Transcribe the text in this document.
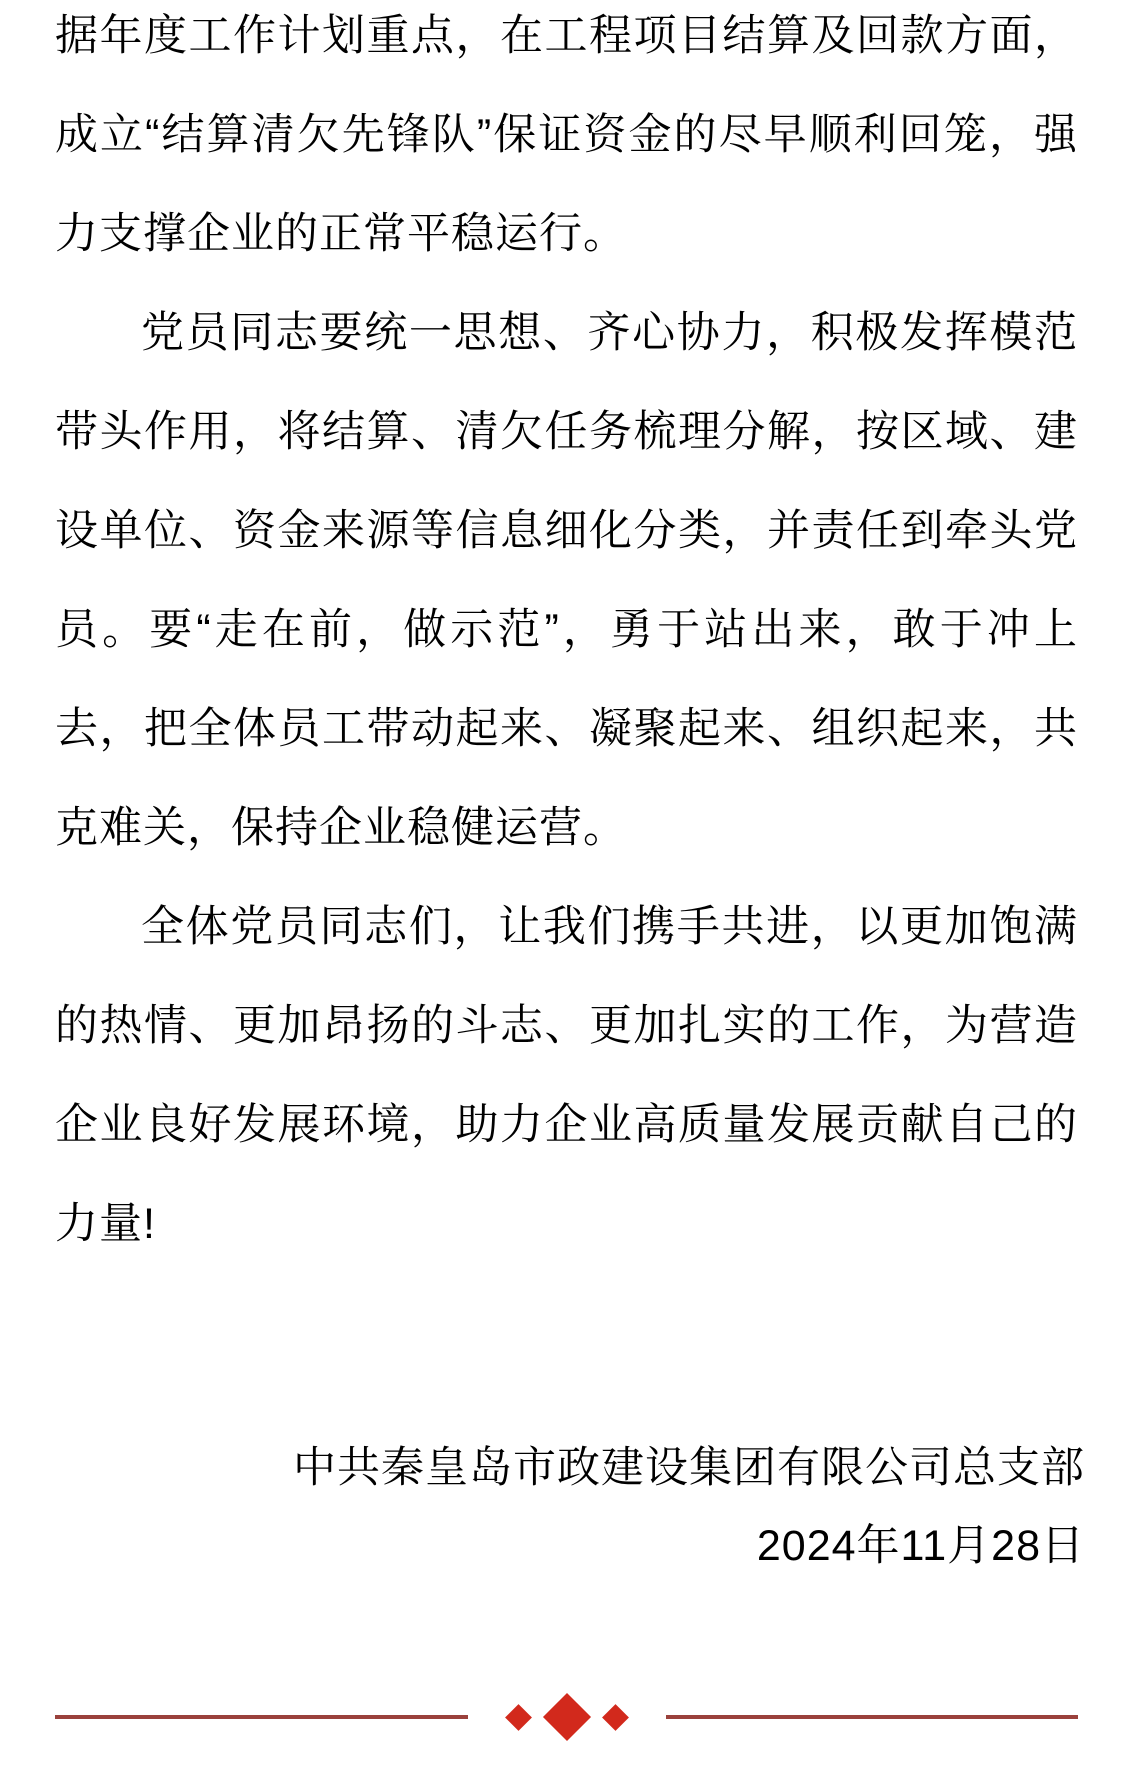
据年度工作计划重点，在工程项目结算及回款方面，成立“结算清欠先锋队”保证资金的尽早顺利回笼，强力支撑企业的正常平稳运行。

党员同志要统一思想、齐心协力，积极发挥模范带头作用，将结算、清欠任务梳理分解，按区域、建设单位、资金来源等信息细化分类，并责任到牵头党员。要“走在前，做示范”，勇于站出来，敢于冲上去，把全体员工带动起来、凝聚起来、组织起来，共克难关，保持企业稳健运营。

全体党员同志们，让我们携手共进，以更加饱满的热情、更加昂扬的斗志、更加扎实的工作，为营造企业良好发展环境，助力企业高质量发展贡献自己的力量!

中共秦皇岛市政建设集团有限公司总支部
2024年11月28日
